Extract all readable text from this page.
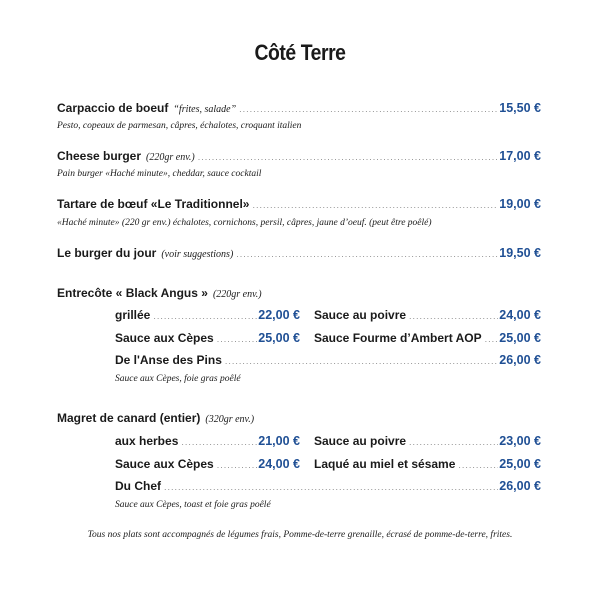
Côté Terre
Carpaccio de boeuf “frites, salade” .....	15,50 €
Pesto, copeaux de parmesan, câpres, échalotes, croquant italien
Cheese burger (220gr env.) .....	17,00 €
Pain burger «Haché minute», cheddar, sauce cocktail
Tartare de bœuf «Le Traditionnel» .....	19,00 €
«Haché minute» (220 gr env.) échalotes, cornichons, persil, câpres, jaune d’oeuf. (peut être poêlé)
Le burger du jour (voir suggestions) .....	19,50 €
Entrecôte « Black Angus » (220gr env.)
grillée .....	22,00 € Sauce au poivre .....	24,00 €
Sauce aux Cèpes .....	25,00 € Sauce Fourme d’Ambert AOP ..... 25,00 €
De l'Anse des Pins .....	26,00 €
Sauce aux Cèpes, foie gras poêlé
Magret de canard (entier) (320gr env.)
aux herbes .....	21,00 € Sauce au poivre .....	23,00 €
Sauce aux Cèpes .....	24,00 € Laqué au miel et sésame .....	25,00 €
Du Chef .....	26,00 €
Sauce aux Cèpes, toast et foie gras poêlé
Tous nos plats sont accompagnés de légumes frais, Pomme-de-terre grenaille, écrasé de pomme-de-terre, frites.
